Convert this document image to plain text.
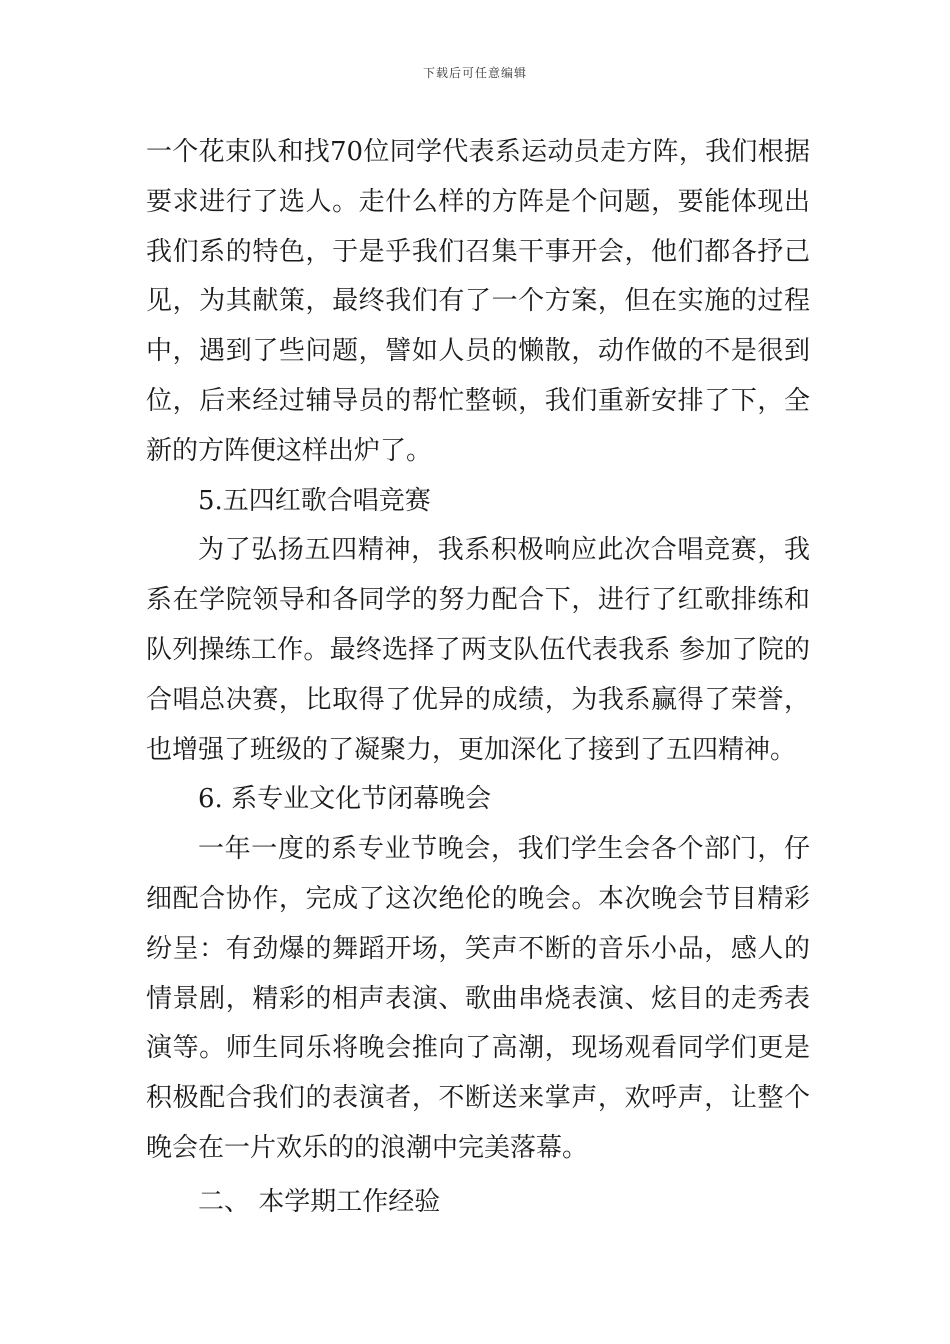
下载后可任意编辑

一个花束队和找70位同学代表系运动员走方阵，我们根据要求进行了选人。走什么样的方阵是个问题，要能体现出我们系的特色，于是乎我们召集干事开会，他们都各抒己见，为其献策，最终我们有了一个方案，但在实施的过程中，遇到了些问题，譬如人员的懒散，动作做的不是很到位，后来经过辅导员的帮忙整顿，我们重新安排了下，全新的方阵便这样出炉了。

5.五四红歌合唱竞赛

为了弘扬五四精神，我系积极响应此次合唱竞赛，我系在学院领导和各同学的努力配合下，进行了红歌排练和队列操练工作。最终选择了两支队伍代表我系 参加了院的合唱总决赛，比取得了优异的成绩，为我系赢得了荣誉，也增强了班级的了凝聚力，更加深化了接到了五四精神。

6. 系专业文化节闭幕晚会

一年一度的系专业节晚会，我们学生会各个部门，仔细配合协作，完成了这次绝伦的晚会。本次晚会节目精彩纷呈：有劲爆的舞蹈开场，笑声不断的音乐小品，感人的情景剧，精彩的相声表演、歌曲串烧表演、炫目的走秀表演等。师生同乐将晚会推向了高潮，现场观看同学们更是积极配合我们的表演者，不断送来掌声，欢呼声，让整个晚会在一片欢乐的的浪潮中完美落幕。

二、 本学期工作经验
